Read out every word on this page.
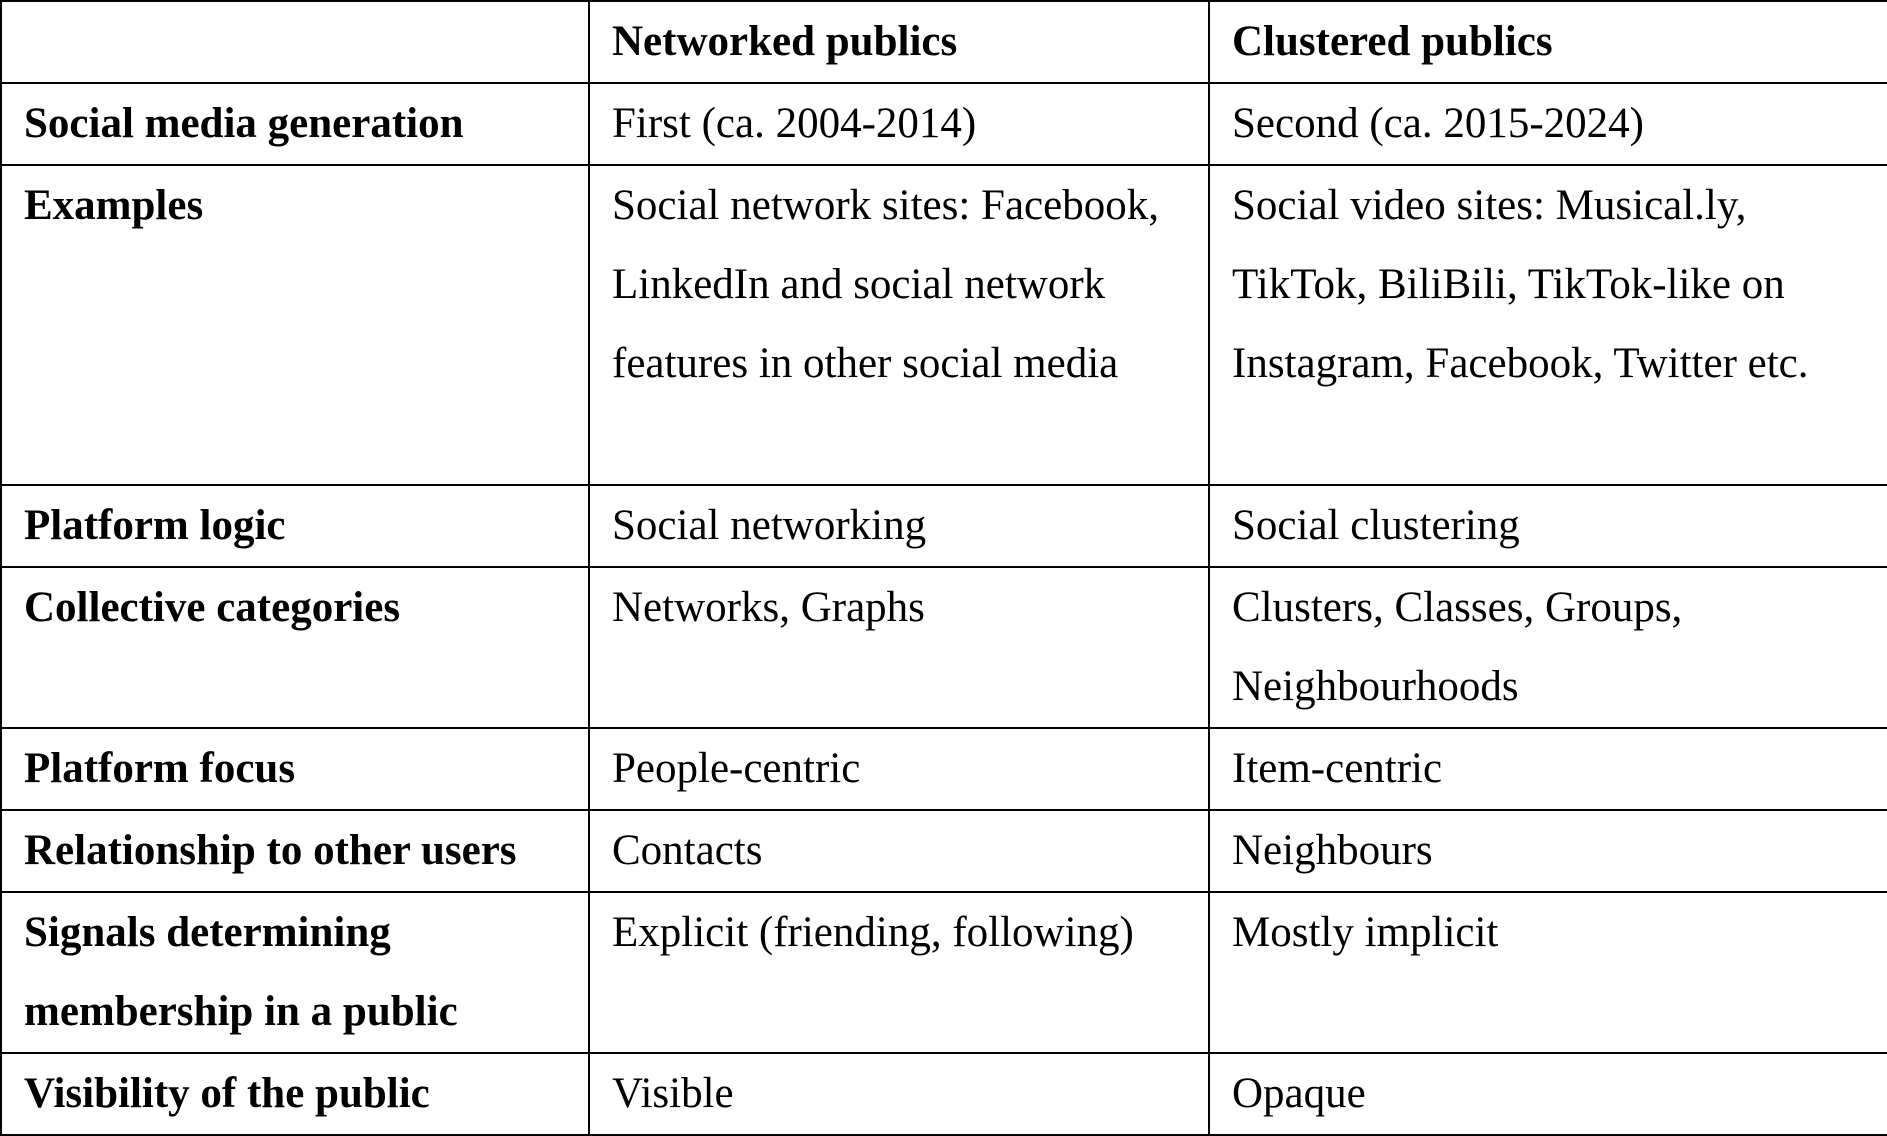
	Networked publics	Clustered publics
Social media generation	First (ca. 2004-2014)	Second (ca. 2015-2024)
Examples	Social network sites: Facebook, LinkedIn and social network features in other social media	Social video sites: Musical.ly, TikTok, BiliBili, TikTok-like on Instagram, Facebook, Twitter etc.
Platform logic	Social networking	Social clustering
Collective categories	Networks, Graphs	Clusters, Classes, Groups, Neighbourhoods
Platform focus	People-centric	Item-centric
Relationship to other users	Contacts	Neighbours
Signals determining membership in a public	Explicit (friending, following)	Mostly implicit
Visibility of the public	Visible	Opaque
